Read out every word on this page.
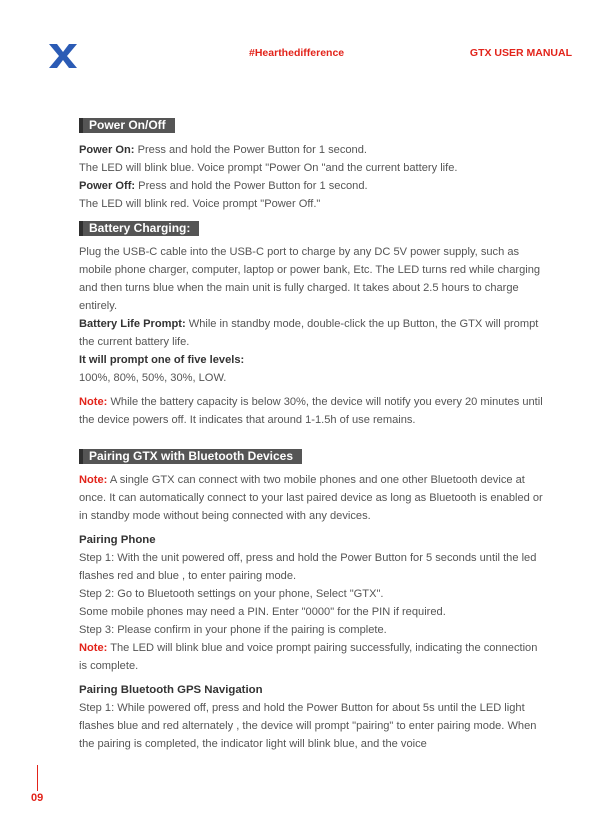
#Hearthedifference	GTX USER MANUAL
Power On/Off

Power On: Press and hold the Power Button for 1 second.

The LED will blink blue. Voice prompt "Power On "and the current battery life.

Power Off: Press and hold the Power Button for 1 second.

The LED will blink red. Voice prompt "Power Off."

Battery Charging:

Plug the USB-C cable into the USB-C port to charge by any DC 5V power supply, such as mobile phone charger, computer, laptop or power bank, Etc. The LED turns red while charging and then turns blue when the main unit is fully charged. It takes about 2.5 hours to charge entirely.

Battery Life Prompt: While in standby mode, double-click the up Button, the GTX will prompt the current battery life.

It will prompt one of five levels:

100%, 80%, 50%, 30%, LOW.

Note: While the battery capacity is below 30%, the device will notify you every 20 minutes until the device powers off. It indicates that around 1-1.5h of use remains.

Pairing GTX with Bluetooth Devices

Note: A single GTX can connect with two mobile phones and one other Bluetooth device at once. It can automatically connect to your last paired device as long as Bluetooth is enabled or in standby mode without being connected with any devices.

Pairing Phone

Step 1: With the unit powered off, press and hold the Power Button for 5 seconds until the led flashes red and blue , to enter pairing mode.

Step 2: Go to Bluetooth settings on your phone, Select "GTX".

Some mobile phones may need a PIN. Enter "0000" for the PIN if required.

Step 3: Please confirm in your phone if the pairing is complete.

Note: The LED will blink blue and voice prompt pairing successfully, indicating the connection is complete.

Pairing Bluetooth GPS Navigation

Step 1: While powered off, press and hold the Power Button for about 5s until the LED light flashes blue and red alternately , the device will prompt "pairing" to enter pairing mode. When the pairing is completed, the indicator light will blink blue, and the voice

09
